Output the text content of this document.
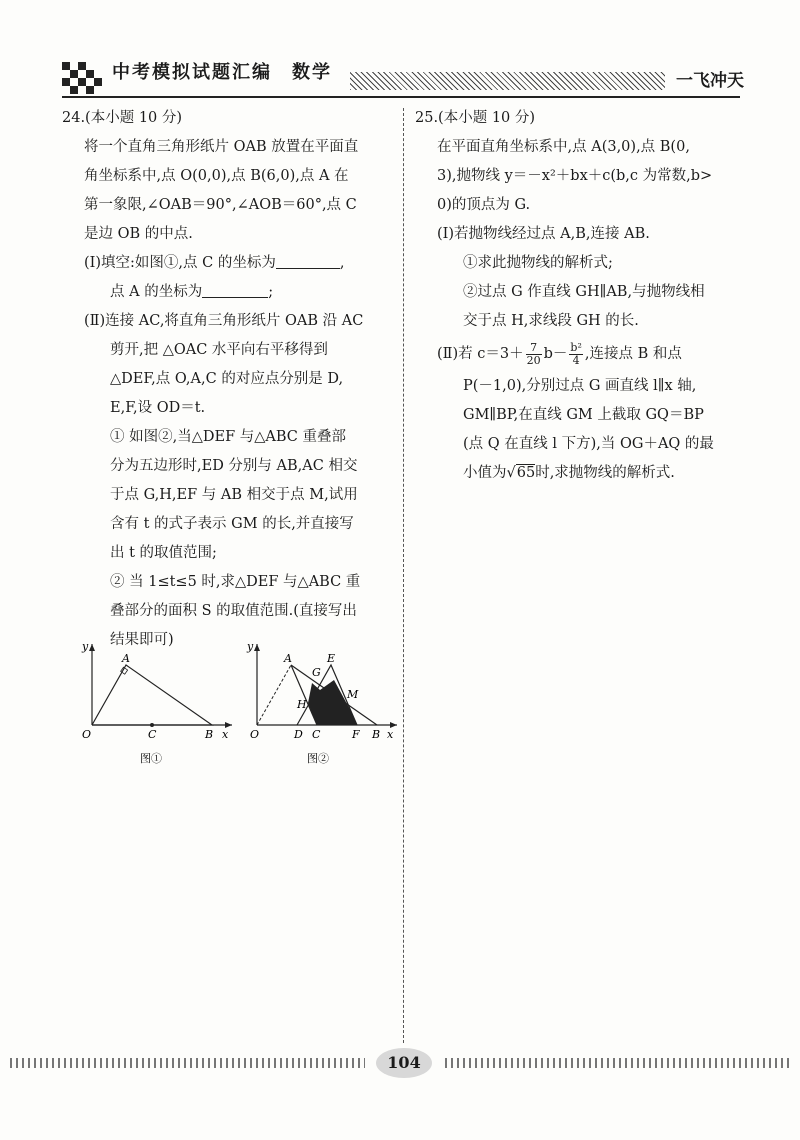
中考模拟试题汇编　数学	一飞冲天

24.(本小题 10 分)

将一个直角三角形纸片 OAB 放置在平面直

角坐标系中,点 O(0,0),点 B(6,0),点 A 在

第一象限,∠OAB＝90°,∠AOB＝60°,点 C

是边 OB 的中点.

(Ⅰ)填空:如图①,点 C 的坐标为	,

点 A 的坐标为	;

(Ⅱ)连接 AC,将直角三角形纸片 OAB 沿 AC

剪开,把 △OAC 水平向右平移得到

△DEF,点 O,A,C 的对应点分别是 D,

E,F,设 OD＝t.

① 如图②,当△DEF 与△ABC 重叠部

分为五边形时,ED 分别与 AB,AC 相交

于点 G,H,EF 与 AB 相交于点 M,试用

含有 t 的式子表示 GM 的长,并直接写

出 t 的取值范围;

② 当 1≤t≤5 时,求△DEF 与△ABC 重

叠部分的面积 S 的取值范围.(直接写出

结果即可)

y
x
O
A
B
C
图①
y
x
O
A
B
C
D
E
F
G
H
M
图②

25.(本小题 10 分)

在平面直角坐标系中,点 A(3,0),点 B(0,

3),抛物线 y＝－x²＋bx＋c(b,c 为常数,b>

0)的顶点为 G.

(Ⅰ)若抛物线经过点 A,B,连接 AB.

①求此抛物线的解析式;

②过点 G 作直线 GH∥AB,与抛物线相

交于点 H,求线段 GH 的长.

(Ⅱ)若 $c=3+ \frac{7}{20} b- \frac{\text{b²}}{4}$ ,连接点 B 和点

P(－1,0),分别过点 G 画直线 l∥x 轴,

GM∥BP,在直线 GM 上截取 GQ＝BP

(点 Q 在直线 l 下方),当 OG＋AQ 的最

小值为√65时,求抛物线的解析式.

104
